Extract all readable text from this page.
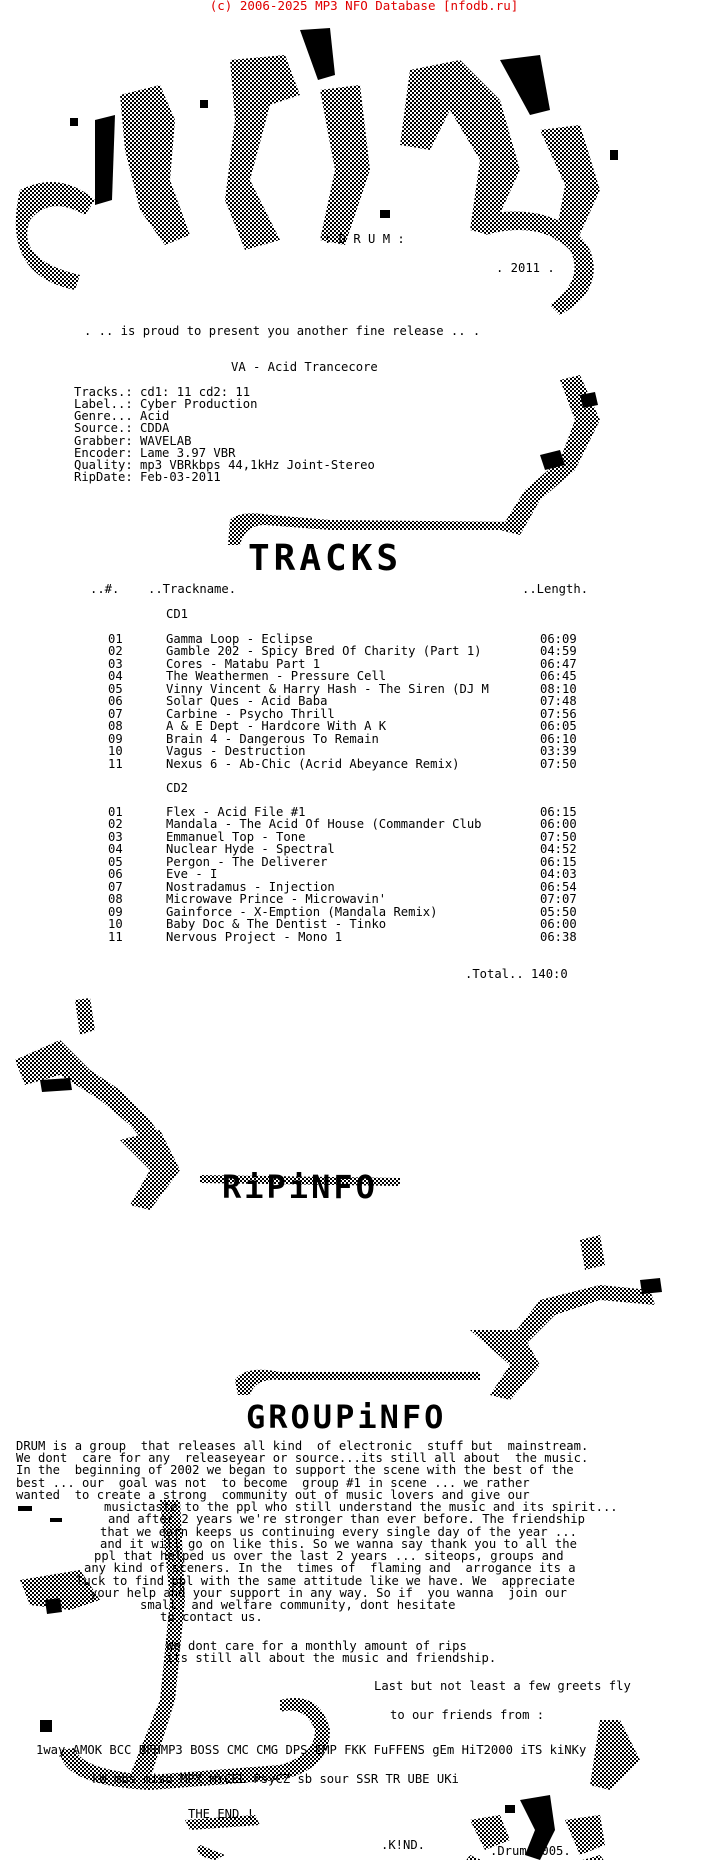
TRACKS
RiPiNFO
GROUPiNFO
(c) 2006-2025 MP3 NFO Database [nfodb.ru]
: D R U M :
. 2011 .
. .. is proud to present you another fine release .. .
VA - Acid Trancecore
Tracks.: cd1: 11 cd2: 11
Label..: Cyber Production
Genre... Acid
Source.: CDDA
Grabber: WAVELAB
Encoder: Lame 3.97 VBR
Quality: mp3 VBRkbps 44,1kHz Joint-Stereo
RipDate: Feb-03-2011
..#. ..Trackname.	..Length.
CD1
01	Gamma Loop - Eclipse	06:09
02	Gamble 202 - Spicy Bred Of Charity (Part 1)	04:59
03	Cores - Matabu Part 1	06:47
04	The Weathermen - Pressure Cell	06:45
05	Vinny Vincent & Harry Hash - The Siren (DJ M	08:10
06	Solar Ques - Acid Baba	07:48
07	Carbine - Psycho Thrill	07:56
08	A & E Dept - Hardcore With A K	06:05
09	Brain 4 - Dangerous To Remain	06:10
10	Vagus - Destruction	03:39
11	Nexus 6 - Ab-Chic (Acrid Abeyance Remix)	07:50
CD2
01	Flex - Acid File #1	06:15
02	Mandala - The Acid Of House (Commander Club	06:00
03	Emmanuel Top - Tone	07:50
04	Nuclear Hyde - Spectral	04:52
05	Pergon - The Deliverer	06:15
06	Eve - I	04:03
07	Nostradamus - Injection	06:54
08	Microwave Prince - Microwavin'	07:07
09	Gainforce - X-Emption (Mandala Remix)	05:50
10	Baby Doc & The Dentist - Tinko	06:00
11	Nervous Project - Mono 1	06:38
.Total.. 140:0
DRUM is a group  that releases all kind  of electronic  stuff but  mainstream.
We dont  care for any  releaseyear or source...its still all about  the music.
In the  beginning of 2002 we began to support the scene with the best of the
best ... our  goal was not  to become  group #1 in scene ... we rather
wanted  to create a strong  community out of music lovers and give our
musictaste to the ppl who still understand the music and its spirit...
and after 2 years we're stronger than ever before. The friendship
that we earn keeps us continuing every single day of the year ...
and it will go on like this. So we wanna say thank you to all the
ppl that helped us over the last 2 years ... siteops, groups and
any kind of sceners. In the  times of  flaming and  arrogance its a
luck to find ppl with the same attitude like we have. We  appreciate
your help and your support in any way. So if  you wanna  join our
small  and welfare community, dont hesitate
to contact us.
We dont care for a monthly amount of rips
its still all about the music and friendship.
Last but not least a few greets fly
to our friends from :
1way AMOK BCC BFHMP3 BOSS CMC CMG DPS EMP FKK FuFFENS gEm HiT2000 iTS kiNKy
kW mbs miso MPX MYCEL PsyCZ sb sour SSR TR UBE UKi
THE END !
.K!ND.	.Drum 2005.
